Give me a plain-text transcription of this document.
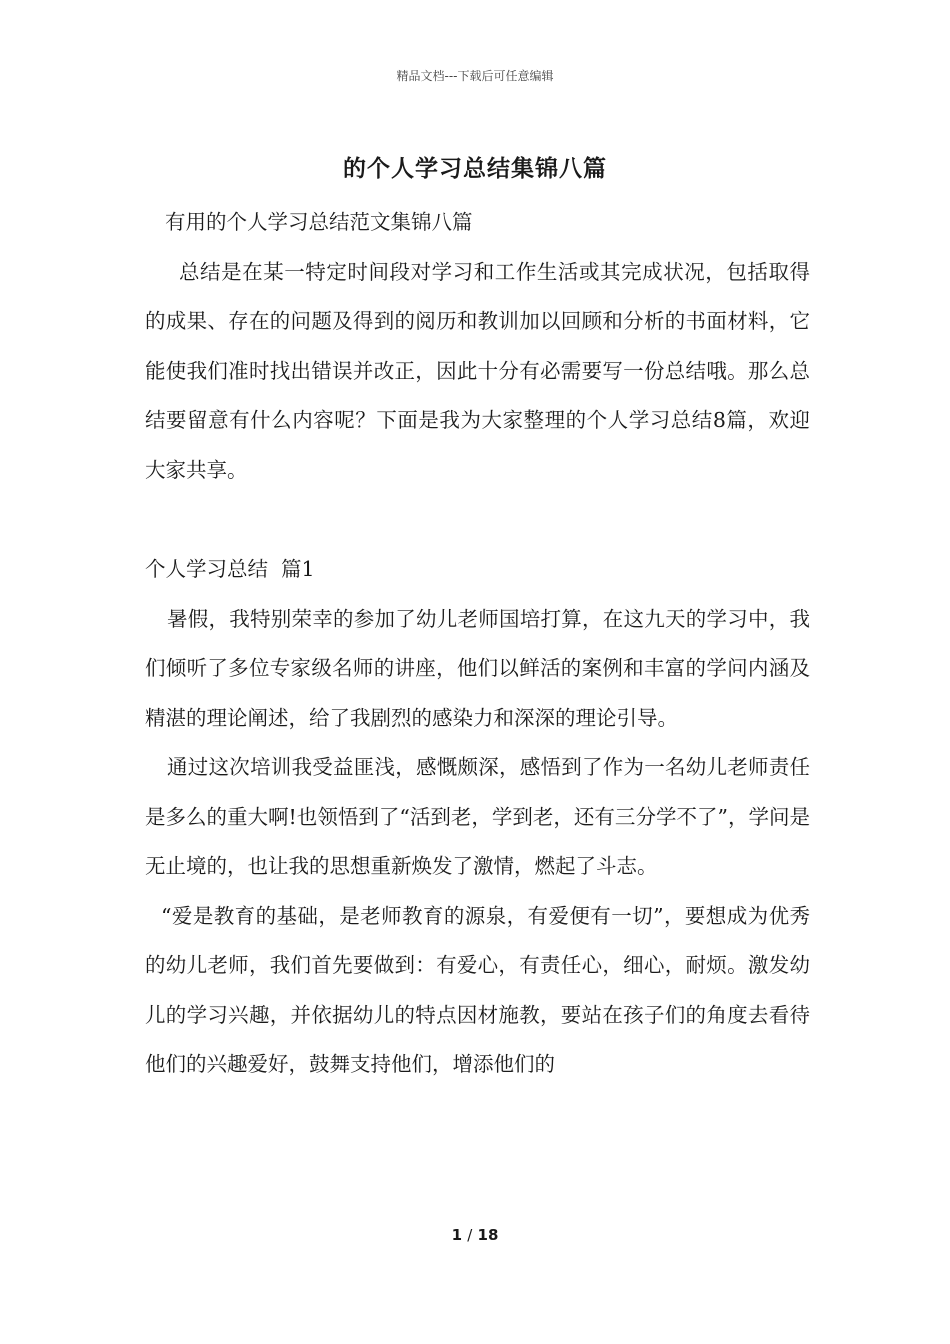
精品文档---下载后可任意编辑
的个人学习总结集锦八篇

有用的个人学习总结范文集锦八篇

总结是在某一特定时间段对学习和工作生活或其完成状况，包括取得的成果、存在的问题及得到的阅历和教训加以回顾和分析的书面材料，它能使我们准时找出错误并改正，因此十分有必需要写一份总结哦。那么总结要留意有什么内容呢？下面是我为大家整理的个人学习总结8篇，欢迎大家共享。

个人学习总结  篇1

暑假，我特别荣幸的参加了幼儿老师国培打算，在这九天的学习中，我们倾听了多位专家级名师的讲座，他们以鲜活的案例和丰富的学问内涵及精湛的理论阐述，给了我剧烈的感染力和深深的理论引导。

通过这次培训我受益匪浅，感慨颇深，感悟到了作为一名幼儿老师责任是多么的重大啊!也领悟到了“活到老，学到老，还有三分学不了”，学问是无止境的，也让我的思想重新焕发了激情，燃起了斗志。

“爱是教育的基础，是老师教育的源泉，有爱便有一切”，要想成为优秀的幼儿老师，我们首先要做到：有爱心，有责任心，细心，耐烦。激发幼儿的学习兴趣，并依据幼儿的特点因材施教，要站在孩子们的角度去看待他们的兴趣爱好，鼓舞支持他们，增添他们的

1 / 18
